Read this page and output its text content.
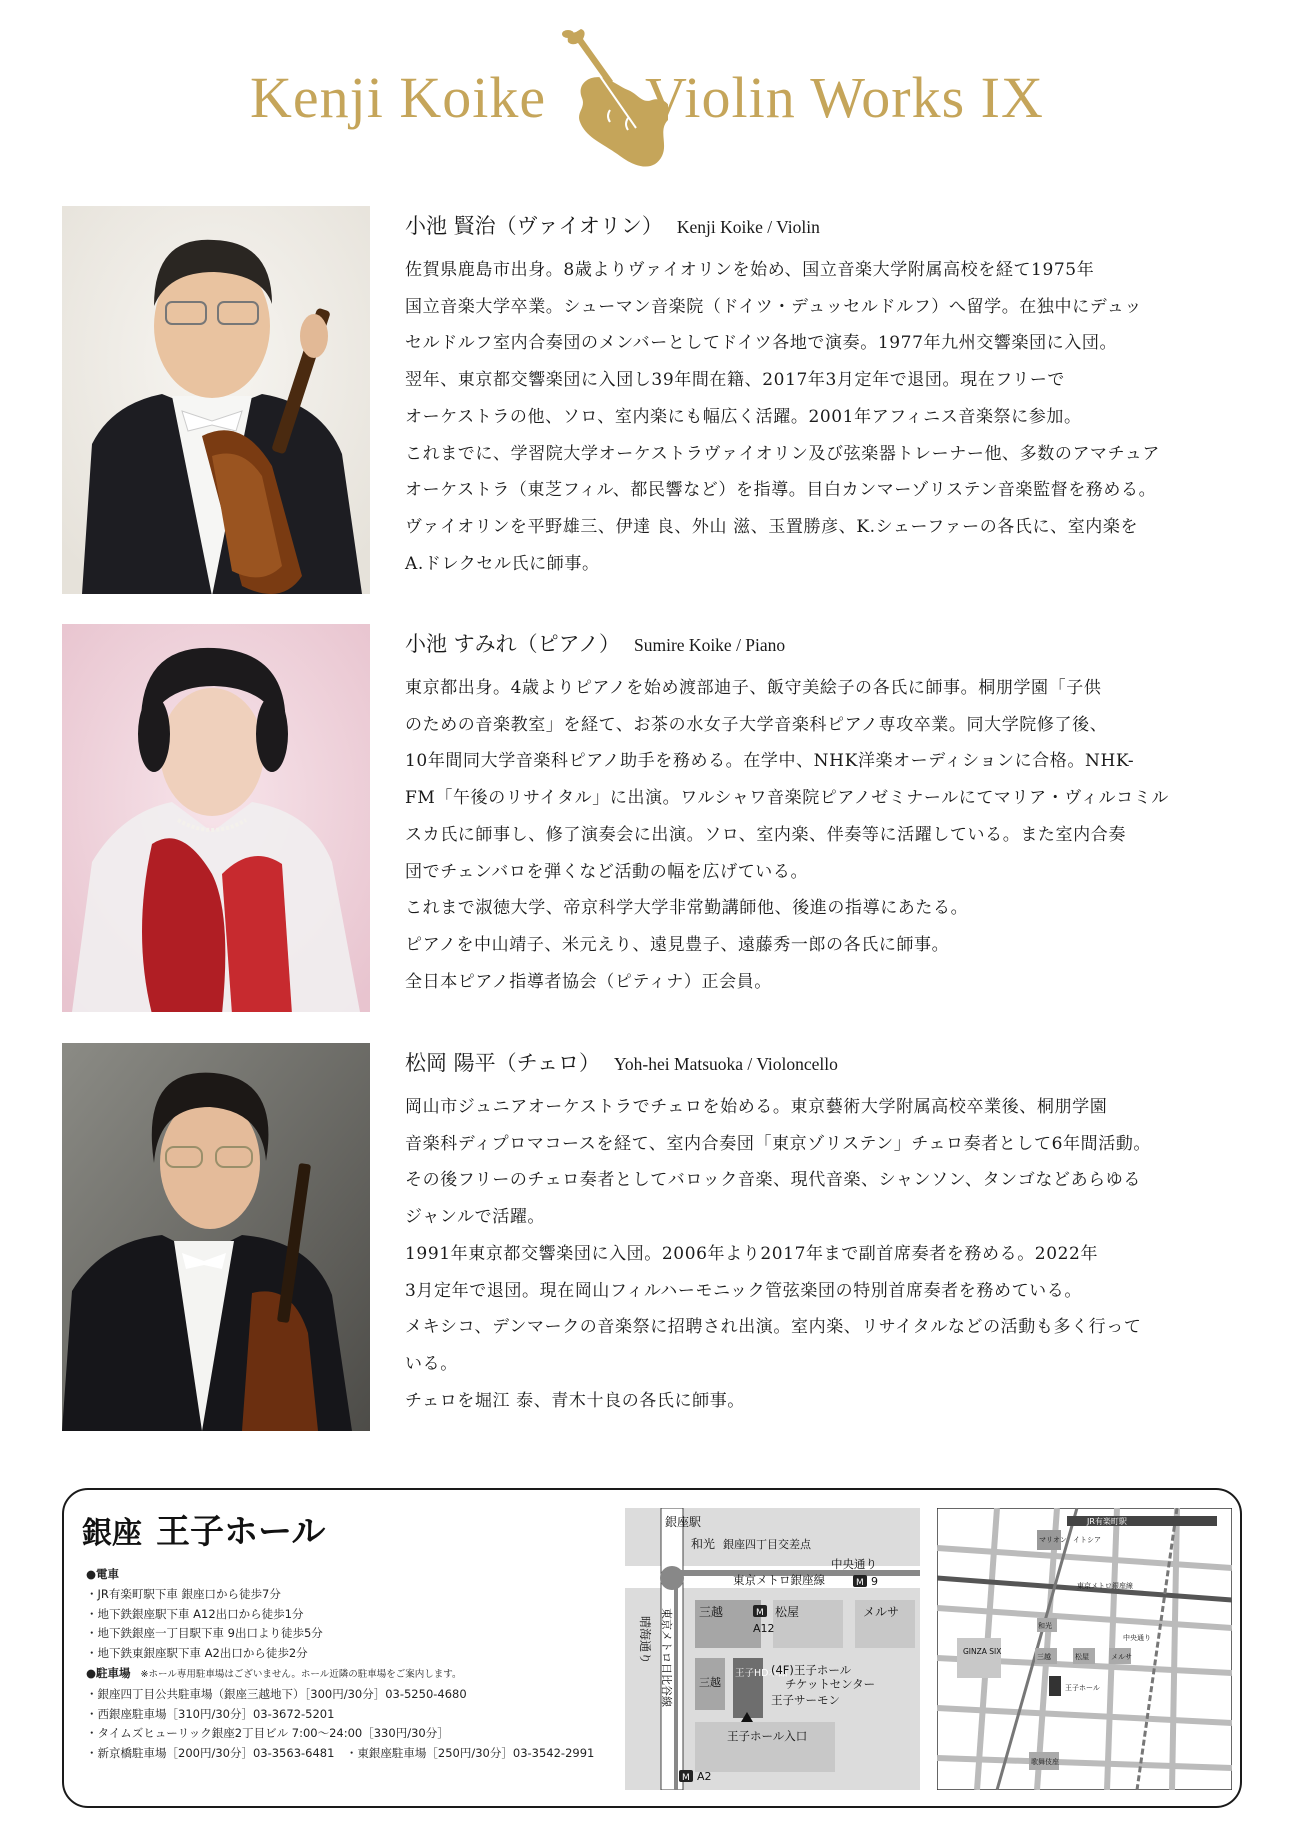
Kenji Koike Violin Works IX
小池 賢治（ヴァイオリン） Kenji Koike / Violin

佐賀県鹿島市出身。8歳よりヴァイオリンを始め、国立音楽大学附属高校を経て1975年

国立音楽大学卒業。シューマン音楽院（ドイツ・デュッセルドルフ）へ留学。在独中にデュッ

セルドルフ室内合奏団のメンバーとしてドイツ各地で演奏。1977年九州交響楽団に入団。

翌年、東京都交響楽団に入団し39年間在籍、2017年3月定年で退団。現在フリーで

オーケストラの他、ソロ、室内楽にも幅広く活躍。2001年アフィニス音楽祭に参加。

これまでに、学習院大学オーケストラヴァイオリン及び弦楽器トレーナー他、多数のアマチュア

オーケストラ（東芝フィル、都民響など）を指導。目白カンマーゾリステン音楽監督を務める。

ヴァイオリンを平野雄三、伊達 良、外山 滋、玉置勝彦、K.シェーファーの各氏に、室内楽を

A.ドレクセル氏に師事。

小池 すみれ（ピアノ） Sumire Koike / Piano

東京都出身。4歳よりピアノを始め渡部迪子、飯守美絵子の各氏に師事。桐朋学園「子供

のための音楽教室」を経て、お茶の水女子大学音楽科ピアノ専攻卒業。同大学院修了後、

10年間同大学音楽科ピアノ助手を務める。在学中、NHK洋楽オーディションに合格。NHK-

FM「午後のリサイタル」に出演。ワルシャワ音楽院ピアノゼミナールにてマリア・ヴィルコミル

スカ氏に師事し、修了演奏会に出演。ソロ、室内楽、伴奏等に活躍している。また室内合奏

団でチェンバロを弾くなど活動の幅を広げている。

これまで淑徳大学、帝京科学大学非常勤講師他、後進の指導にあたる。

ピアノを中山靖子、米元えり、遠見豊子、遠藤秀一郎の各氏に師事。

全日本ピアノ指導者協会（ピティナ）正会員。

松岡 陽平（チェロ） Yoh-hei Matsuoka / Violoncello

岡山市ジュニアオーケストラでチェロを始める。東京藝術大学附属高校卒業後、桐朋学園

音楽科ディプロマコースを経て、室内合奏団「東京ゾリステン」チェロ奏者として6年間活動。

その後フリーのチェロ奏者としてバロック音楽、現代音楽、シャンソン、タンゴなどあらゆる

ジャンルで活躍。

1991年東京都交響楽団に入団。2006年より2017年まで副首席奏者を務める。2022年

3月定年で退団。現在岡山フィルハーモニック管弦楽団の特別首席奏者を務めている。

メキシコ、デンマークの音楽祭に招聘され出演。室内楽、リサイタルなどの活動も多く行って

いる。

チェロを堀江 泰、青木十良の各氏に師事。

銀座 王子ホール
●電車
・JR有楽町駅下車 銀座口から徒歩7分
・地下鉄銀座駅下車 A12出口から徒歩1分
・地下鉄銀座一丁目駅下車 9出口より徒歩5分
・地下鉄東銀座駅下車 A2出口から徒歩2分
●駐車場 ※ホール専用駐車場はございません。ホール近隣の駐車場をご案内します。
・銀座四丁目公共駐車場（銀座三越地下）［300円/30分］03-5250-4680
・西銀座駐車場［310円/30分］03-3672-5201
・タイムズヒューリック銀座2丁目ビル 7:00～24:00［330円/30分］
・新京橋駐車場［200円/30分］03-3563-6481　・東銀座駐車場［250円/30分］03-3542-2991
銀座駅
和光 銀座四丁目交差点
中央通り
東京メトロ銀座線	M 9
三越	M 松屋	メルサ
A12
晴海通り 東京メトロ日比谷線 三越
王子HD本館
(4F)王子ホール
チケットセンター
王子サーモン
王子ホール入口
M A2
JR有楽町駅
マリオン イトシア
東京メトロ銀座線
中央通り
GINZA SIX
和光
三越	松屋	メルサ
王子ホール
歌舞伎座
